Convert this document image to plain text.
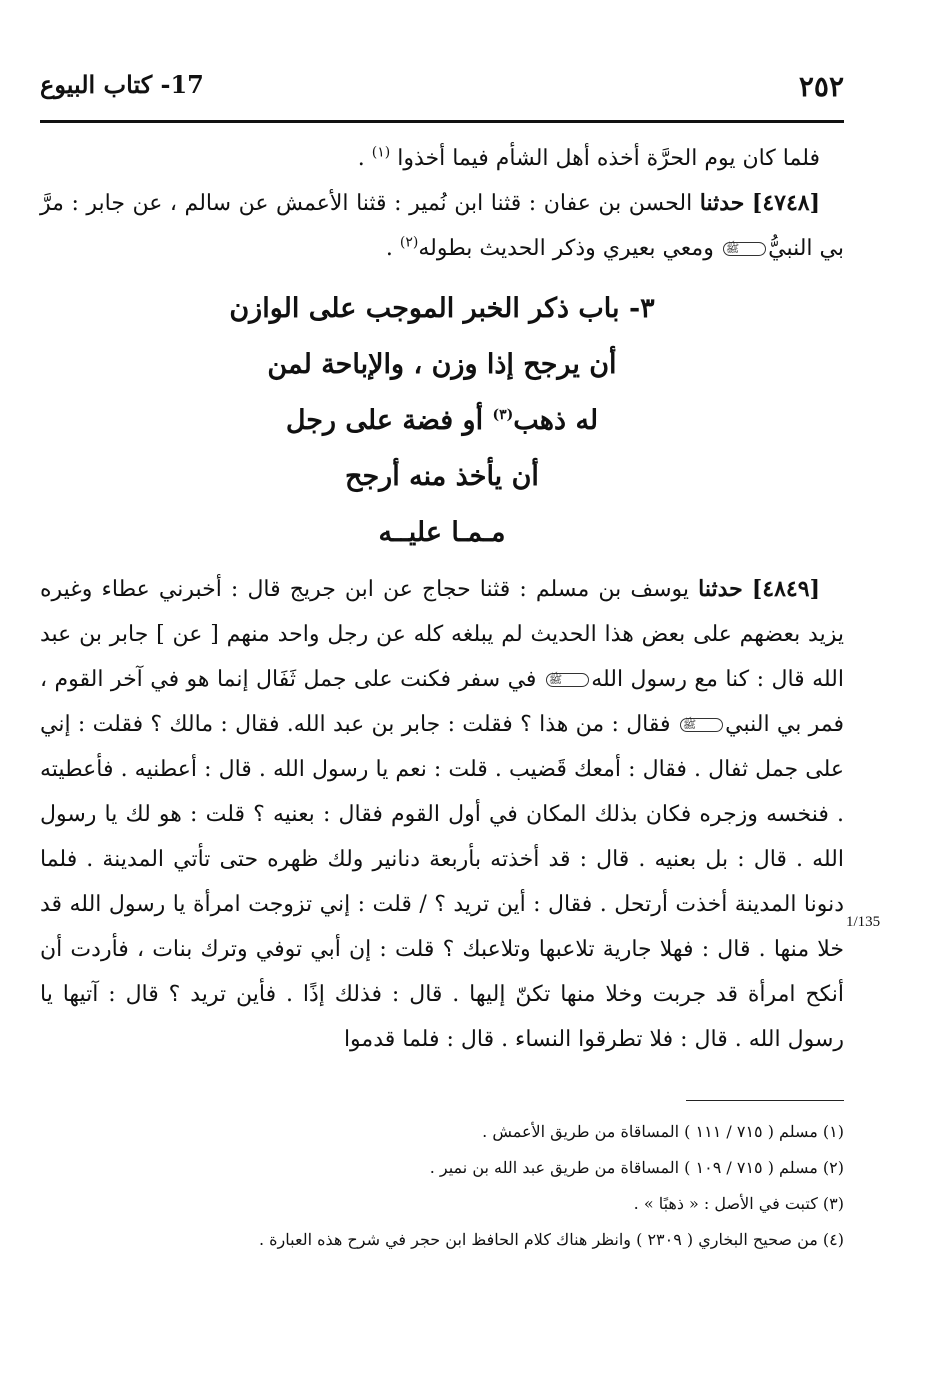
٢٥٢
17- كتاب البيوع

فلما كان يوم الحرَّة أخذه أهل الشأم فيما أخذوا $^{(١)}$ .

[٤٧٤٨] حدثنا الحسن بن عفان : قثنا ابن نُمير : قثنا الأعمش عن سالم ، عن جابر : مرَّ بي النبيُّﷺ ومعي بعيري وذكر الحديث بطوله$^{(٢)}$ .

٣- باب ذكر الخبر الموجب على الوازن
أن يرجح إذا وزن ، والإباحة لمن
له ذهب$^{(٣)}$ أو فضة على رجل
أن يأخذ منه أرجح
مـمـا عليــه

[٤٨٤٩] حدثنا يوسف بن مسلم : قثنا حجاج عن ابن جريج قال : أخبرني عطاء وغيره يزيد بعضهم على بعض هذا الحديث لم يبلغه كله عن رجل واحد منهم [ عن ] جابر بن عبد الله قال : كنا مع رسول اللهﷺ في سفر فكنت على جمل ثَفَال إنما هو في آخر القوم ، فمر بي النبيﷺ فقال : من هذا ؟ فقلت : جابر بن عبد الله. فقال : مالك ؟ فقلت : إني على جمل ثفال . فقال : أمعك قَضيب . قلت : نعم يا رسول الله . قال : أعطنيه . فأعطيته . فنخسه وزجره فكان بذلك المكان في أول القوم فقال : بعنيه ؟ قلت : هو لك يا رسول الله . قال : بل بعنيه . قال : قد أخذته بأربعة دنانير ولك ظهره حتى تأتي المدينة . فلما دنونا المدينة أخذت أرتحل . فقال : أين تريد ؟ / قلت : إني تزوجت امرأة يا رسول الله قد خلا منها . قال : فهلا جارية تلاعبها وتلاعبك ؟ قلت : إن أبي توفي وترك بنات ، فأردت أن أنكح امرأة قد جربت وخلا منها تكنّ إليها . قال : فذلك إذًا . فأين تريد ؟ قال : آتيها يا رسول الله . قال : فلا تطرقوا النساء . قال : فلما قدموا

1/135
(١) مسلم ( ٧١٥ / ١١١ ) المساقاة من طريق الأعمش .
(٢) مسلم ( ٧١٥ / ١٠٩ ) المساقاة من طريق عبد الله بن نمير .
(٣) كتبت في الأصل : « ذهبًا » .
(٤) من صحيح البخاري ( ٢٣٠٩ ) وانظر هناك كلام الحافظ ابن حجر في شرح هذه العبارة .
